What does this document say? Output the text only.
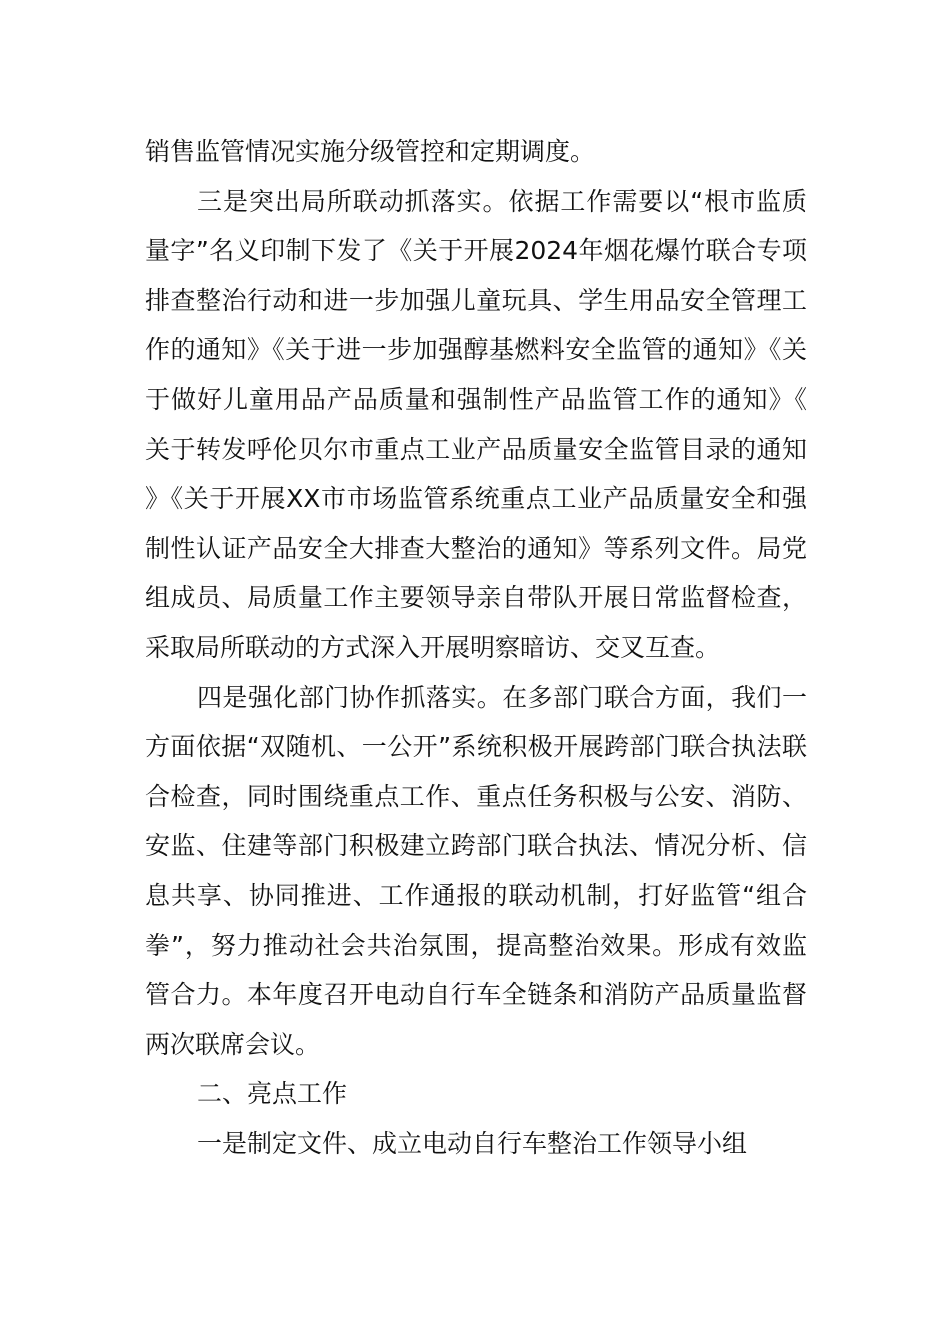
销售监管情况实施分级管控和定期调度。

三是突出局所联动抓落实。依据工作需要以“根市监质量字”名义印制下发了《关于开展2024年烟花爆竹联合专项排查整治行动和进一步加强儿童玩具、学生用品安全管理工作的通知》《关于进一步加强醇基燃料安全监管的通知》《关于做好儿童用品产品质量和强制性产品监管工作的通知》《关于转发呼伦贝尔市重点工业产品质量安全监管目录的通知》《关于开展XX市市场监管系统重点工业产品质量安全和强制性认证产品安全大排查大整治的通知》等系列文件。局党组成员、局质量工作主要领导亲自带队开展日常监督检查，采取局所联动的方式深入开展明察暗访、交叉互查。

四是强化部门协作抓落实。在多部门联合方面，我们一方面依据“双随机、一公开”系统积极开展跨部门联合执法联合检查，同时围绕重点工作、重点任务积极与公安、消防、安监、住建等部门积极建立跨部门联合执法、情况分析、信息共享、协同推进、工作通报的联动机制，打好监管“组合拳”，努力推动社会共治氛围，提高整治效果。形成有效监管合力。本年度召开电动自行车全链条和消防产品质量监督两次联席会议。

二、亮点工作

一是制定文件、成立电动自行车整治工作领导小组
